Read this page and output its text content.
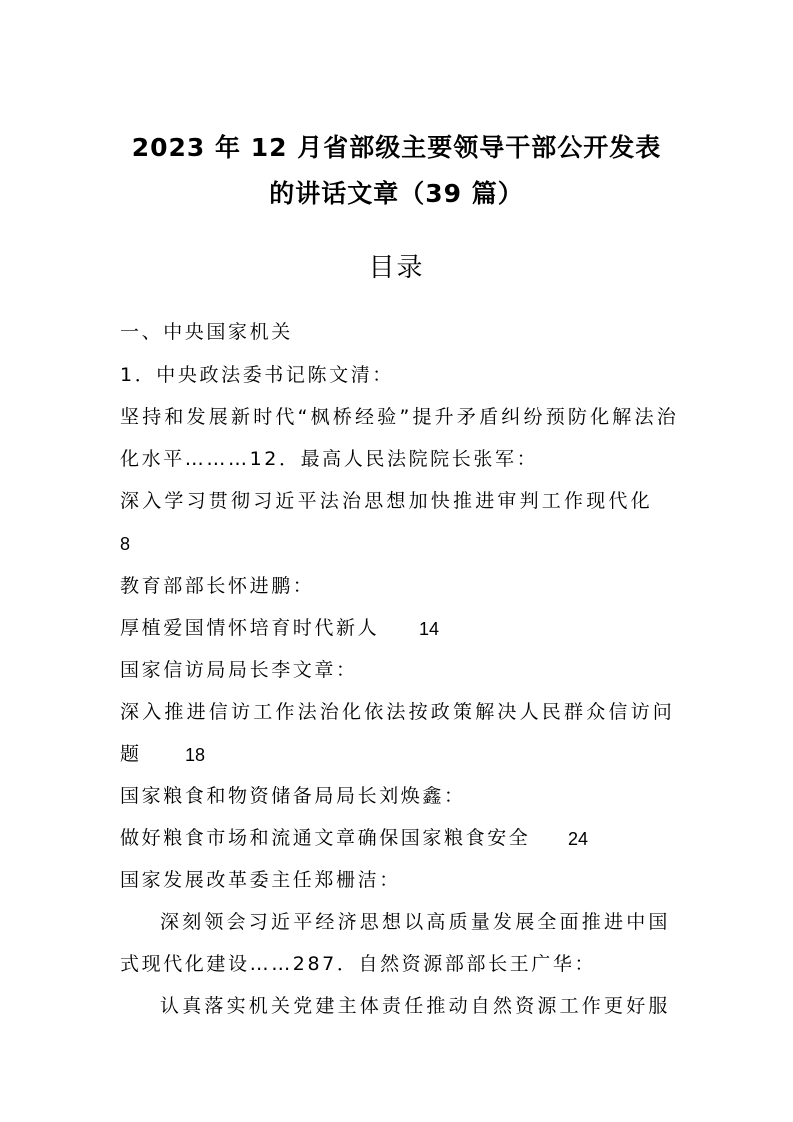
2023 年 12 月省部级主要领导干部公开发表
的讲话文章（39 篇）
目录
一、中央国家机关
1．中央政法委书记陈文清：
坚持和发展新时代“枫桥经验”提升矛盾纠纷预防化解法治
化水平………12．最高人民法院院长张军：
深入学习贯彻习近平法治思想加快推进审判工作现代化
8
教育部部长怀进鹏：
厚植爱国情怀培育时代新人 14
国家信访局局长李文章：
深入推进信访工作法治化依法按政策解决人民群众信访问
题	18
国家粮食和物资储备局局长刘焕鑫：
做好粮食市场和流通文章确保国家粮食安全 24
国家发展改革委主任郑栅洁：
深刻领会习近平经济思想以高质量发展全面推进中国
式现代化建设……287．自然资源部部长王广华：
认真落实机关党建主体责任推动自然资源工作更好服
